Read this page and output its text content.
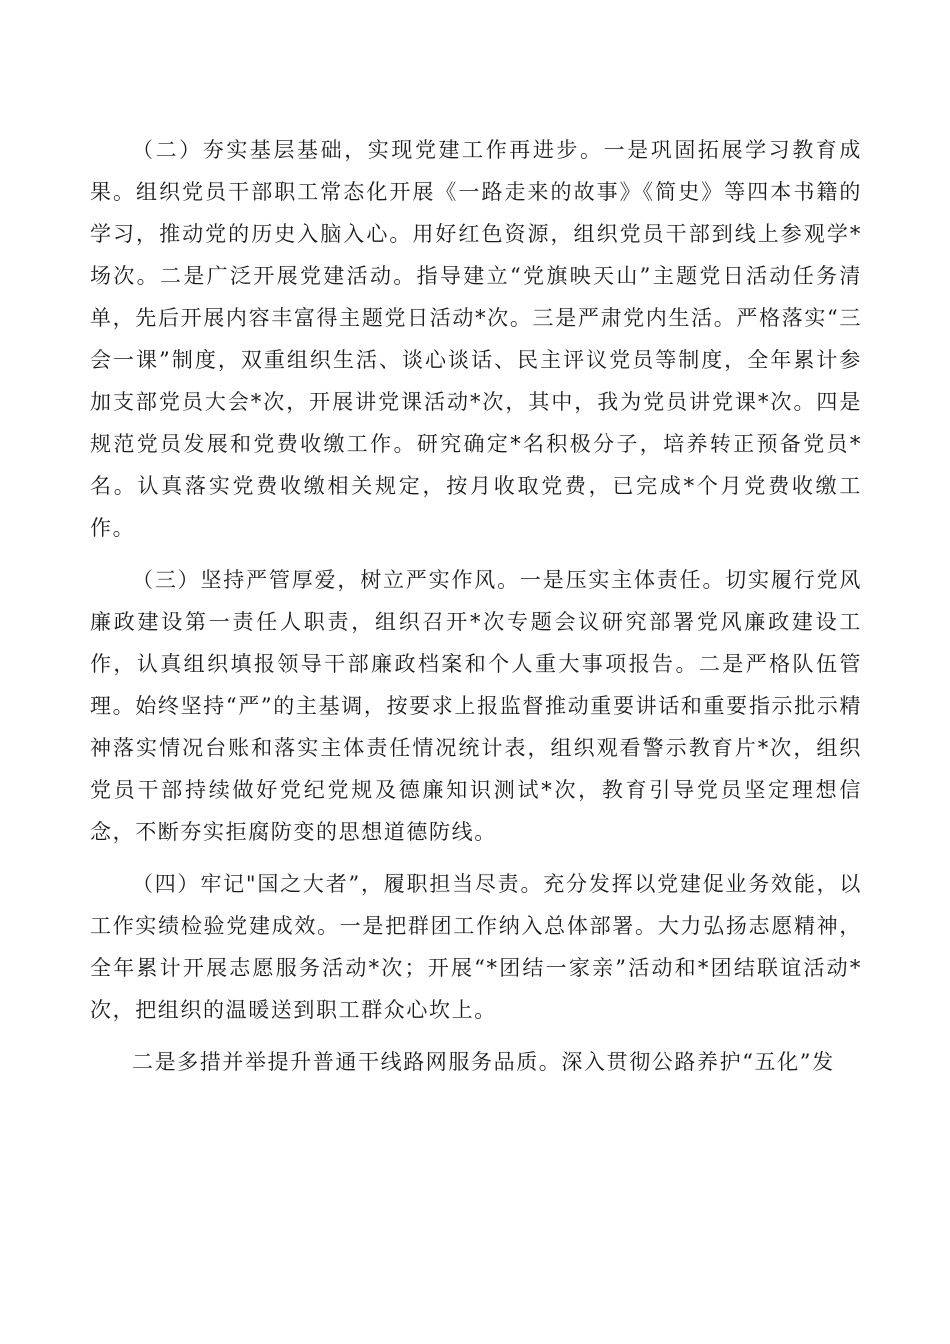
（二）夯实基层基础，实现党建工作再进步。一是巩固拓展学习教育成果。组织党员干部职工常态化开展《一路走来的故事》《简史》等四本书籍的学习，推动党的历史入脑入心。用好红色资源，组织党员干部到线上参观学*场次。二是广泛开展党建活动。指导建立“党旗映天山”主题党日活动任务清单，先后开展内容丰富得主题党日活动*次。三是严肃党内生活。严格落实“三会一课”制度，双重组织生活、谈心谈话、民主评议党员等制度，全年累计参加支部党员大会*次，开展讲党课活动*次，其中，我为党员讲党课*次。四是规范党员发展和党费收缴工作。研究确定*名积极分子，培养转正预备党员*名。认真落实党费收缴相关规定，按月收取党费，已完成*个月党费收缴工作。

（三）坚持严管厚爱，树立严实作风。一是压实主体责任。切实履行党风廉政建设第一责任人职责，组织召开*次专题会议研究部署党风廉政建设工作，认真组织填报领导干部廉政档案和个人重大事项报告。二是严格队伍管理。始终坚持“严”的主基调，按要求上报监督推动重要讲话和重要指示批示精神落实情况台账和落实主体责任情况统计表，组织观看警示教育片*次，组织党员干部持续做好党纪党规及德廉知识测试*次，教育引导党员坚定理想信念，不断夯实拒腐防变的思想道德防线。

（四）牢记"国之大者”，履职担当尽责。充分发挥以党建促业务效能，以工作实绩检验党建成效。一是把群团工作纳入总体部署。大力弘扬志愿精神，全年累计开展志愿服务活动*次；开展“*团结一家亲”活动和*团结联谊活动*次，把组织的温暖送到职工群众心坎上。

二是多措并举提升普通干线路网服务品质。深入贯彻公路养护“五化”发
